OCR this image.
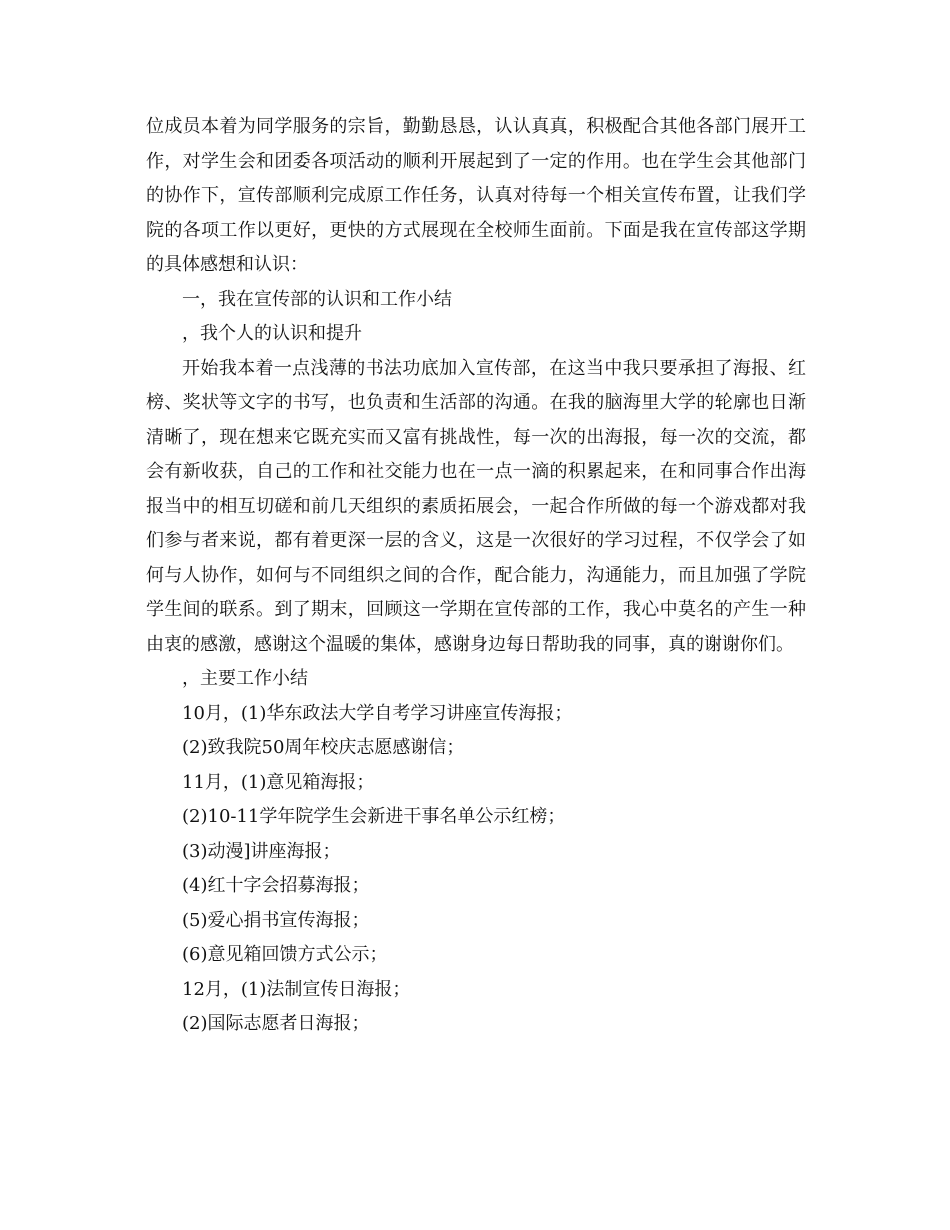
位成员本着为同学服务的宗旨，勤勤恳恳，认认真真，积极配合其他各部门展开工作，对学生会和团委各项活动的顺利开展起到了一定的作用。也在学生会其他部门的协作下，宣传部顺利完成原工作任务，认真对待每一个相关宣传布置，让我们学院的各项工作以更好，更快的方式展现在全校师生面前。下面是我在宣传部这学期的具体感想和认识：

一，我在宣传部的认识和工作小结

，我个人的认识和提升

开始我本着一点浅薄的书法功底加入宣传部，在这当中我只要承担了海报、红榜、奖状等文字的书写，也负责和生活部的沟通。在我的脑海里大学的轮廓也日渐清晰了，现在想来它既充实而又富有挑战性，每一次的出海报，每一次的交流，都会有新收获，自己的工作和社交能力也在一点一滴的积累起来，在和同事合作出海报当中的相互切磋和前几天组织的素质拓展会，一起合作所做的每一个游戏都对我们参与者来说，都有着更深一层的含义，这是一次很好的学习过程，不仅学会了如何与人协作，如何与不同组织之间的合作，配合能力，沟通能力，而且加强了学院学生间的联系。到了期末，回顾这一学期在宣传部的工作，我心中莫名的产生一种由衷的感激，感谢这个温暖的集体，感谢身边每日帮助我的同事，真的谢谢你们。

，主要工作小结

10月，(1)华东政法大学自考学习讲座宣传海报；

(2)致我院50周年校庆志愿感谢信；

11月，(1)意见箱海报；

(2)10-11学年院学生会新进干事名单公示红榜；

(3)动漫]讲座海报；

(4)红十字会招募海报；

(5)爱心捐书宣传海报；

(6)意见箱回馈方式公示；

12月，(1)法制宣传日海报；

(2)国际志愿者日海报；
